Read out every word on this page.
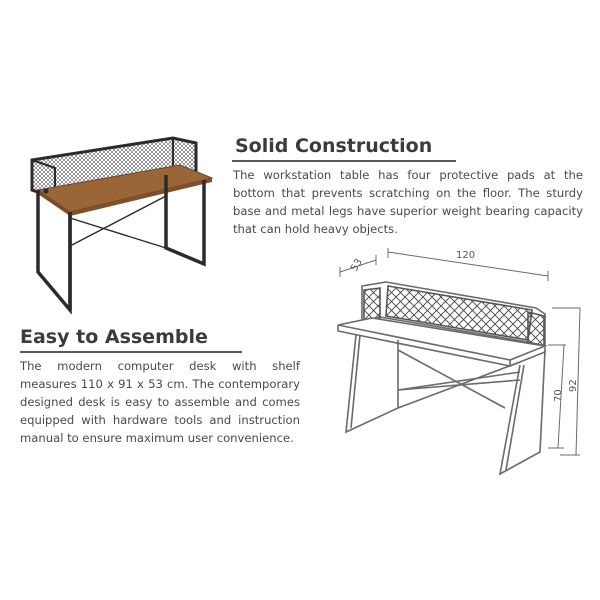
120
53
92
70
Solid Construction

The workstation table has four protective pads at the bottom that prevents scratching on the floor. The sturdy base and metal legs have superior weight bearing capacity that can hold heavy objects.

Easy to Assemble

The modern computer desk with shelf measures 110 x 91 x 53 cm. The contemporary designed desk is easy to assemble and comes equipped with hardware tools and instruction manual to ensure maximum user convenience.
